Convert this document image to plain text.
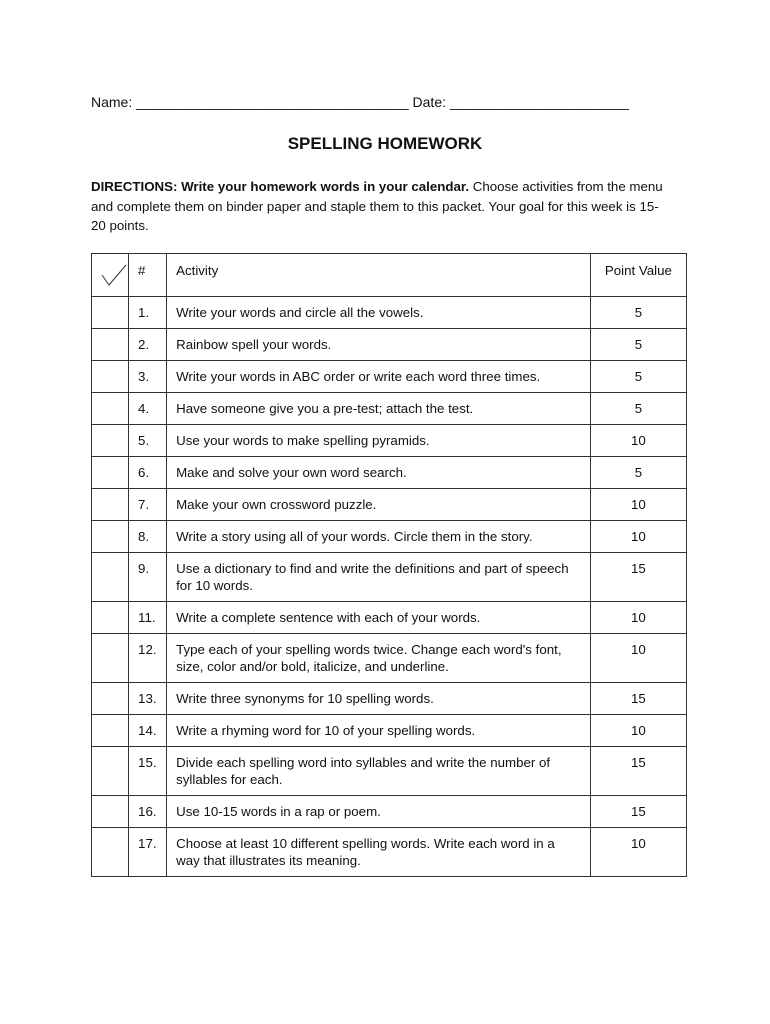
Name: ___________________________________ Date: _______________________
SPELLING HOMEWORK
DIRECTIONS: Write your homework words in your calendar. Choose activities from the menu and complete them on binder paper and staple them to this packet. Your goal for this week is 15-20 points.
	#	Activity	Point Value
	1.	Write your words and circle all the vowels.	5
	2.	Rainbow spell your words.	5
	3.	Write your words in ABC order or write each word three times.	5
	4.	Have someone give you a pre-test; attach the test.	5
	5.	Use your words to make spelling pyramids.	10
	6.	Make and solve your own word search.	5
	7.	Make your own crossword puzzle.	10
	8.	Write a story using all of your words. Circle them in the story.	10
	9.	Use a dictionary to find and write the definitions and part of speech for 10 words.	15
	11.	Write a complete sentence with each of your words.	10
	12.	Type each of your spelling words twice. Change each word's font, size, color and/or bold, italicize, and underline.	10
	13.	Write three synonyms for 10 spelling words.	15
	14.	Write a rhyming word for 10 of your spelling words.	10
	15.	Divide each spelling word into syllables and write the number of syllables for each.	15
	16.	Use 10-15 words in a rap or poem.	15
	17.	Choose at least 10 different spelling words. Write each word in a way that illustrates its meaning.	10
